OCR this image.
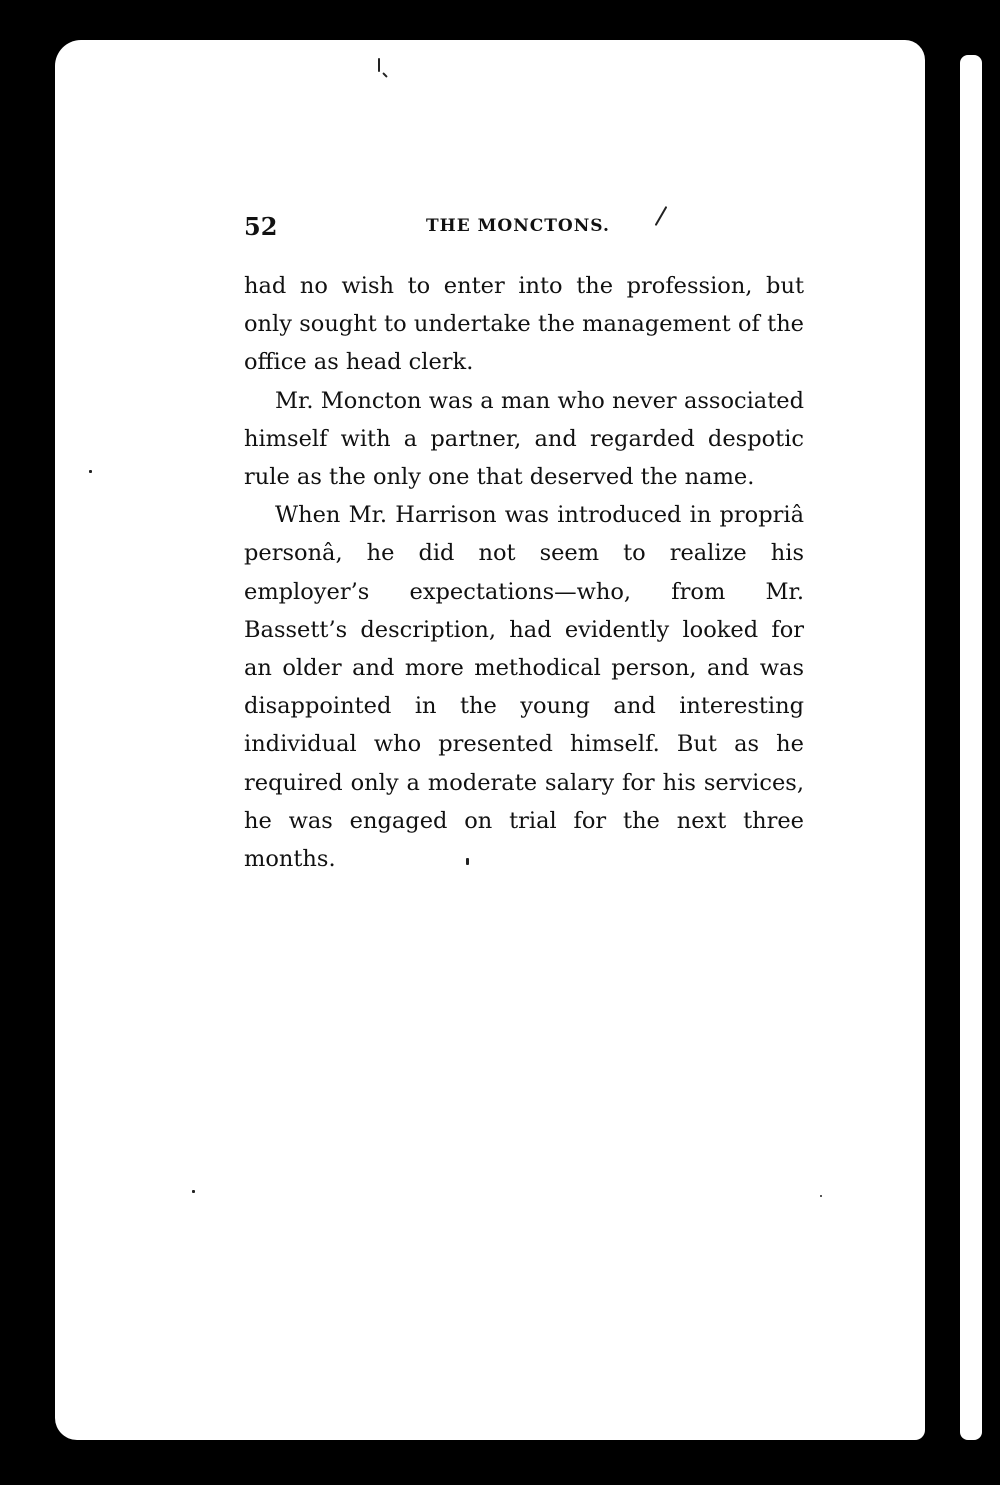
52	THE MONCTONS.

had no wish to enter into the profession, but only sought to undertake the management of the office as head clerk.

Mr. Moncton was a man who never associated himself with a partner, and regarded despotic rule as the only one that deserved the name.

When Mr. Harrison was introduced in propriâ personâ, he did not seem to realize his employer’s expectations—who, from Mr. Bassett’s description, had evidently looked for an older and more methodical person, and was disappointed in the young and interesting individual who presented himself. But as he required only a moderate salary for his services, he was engaged on trial for the next three months.
